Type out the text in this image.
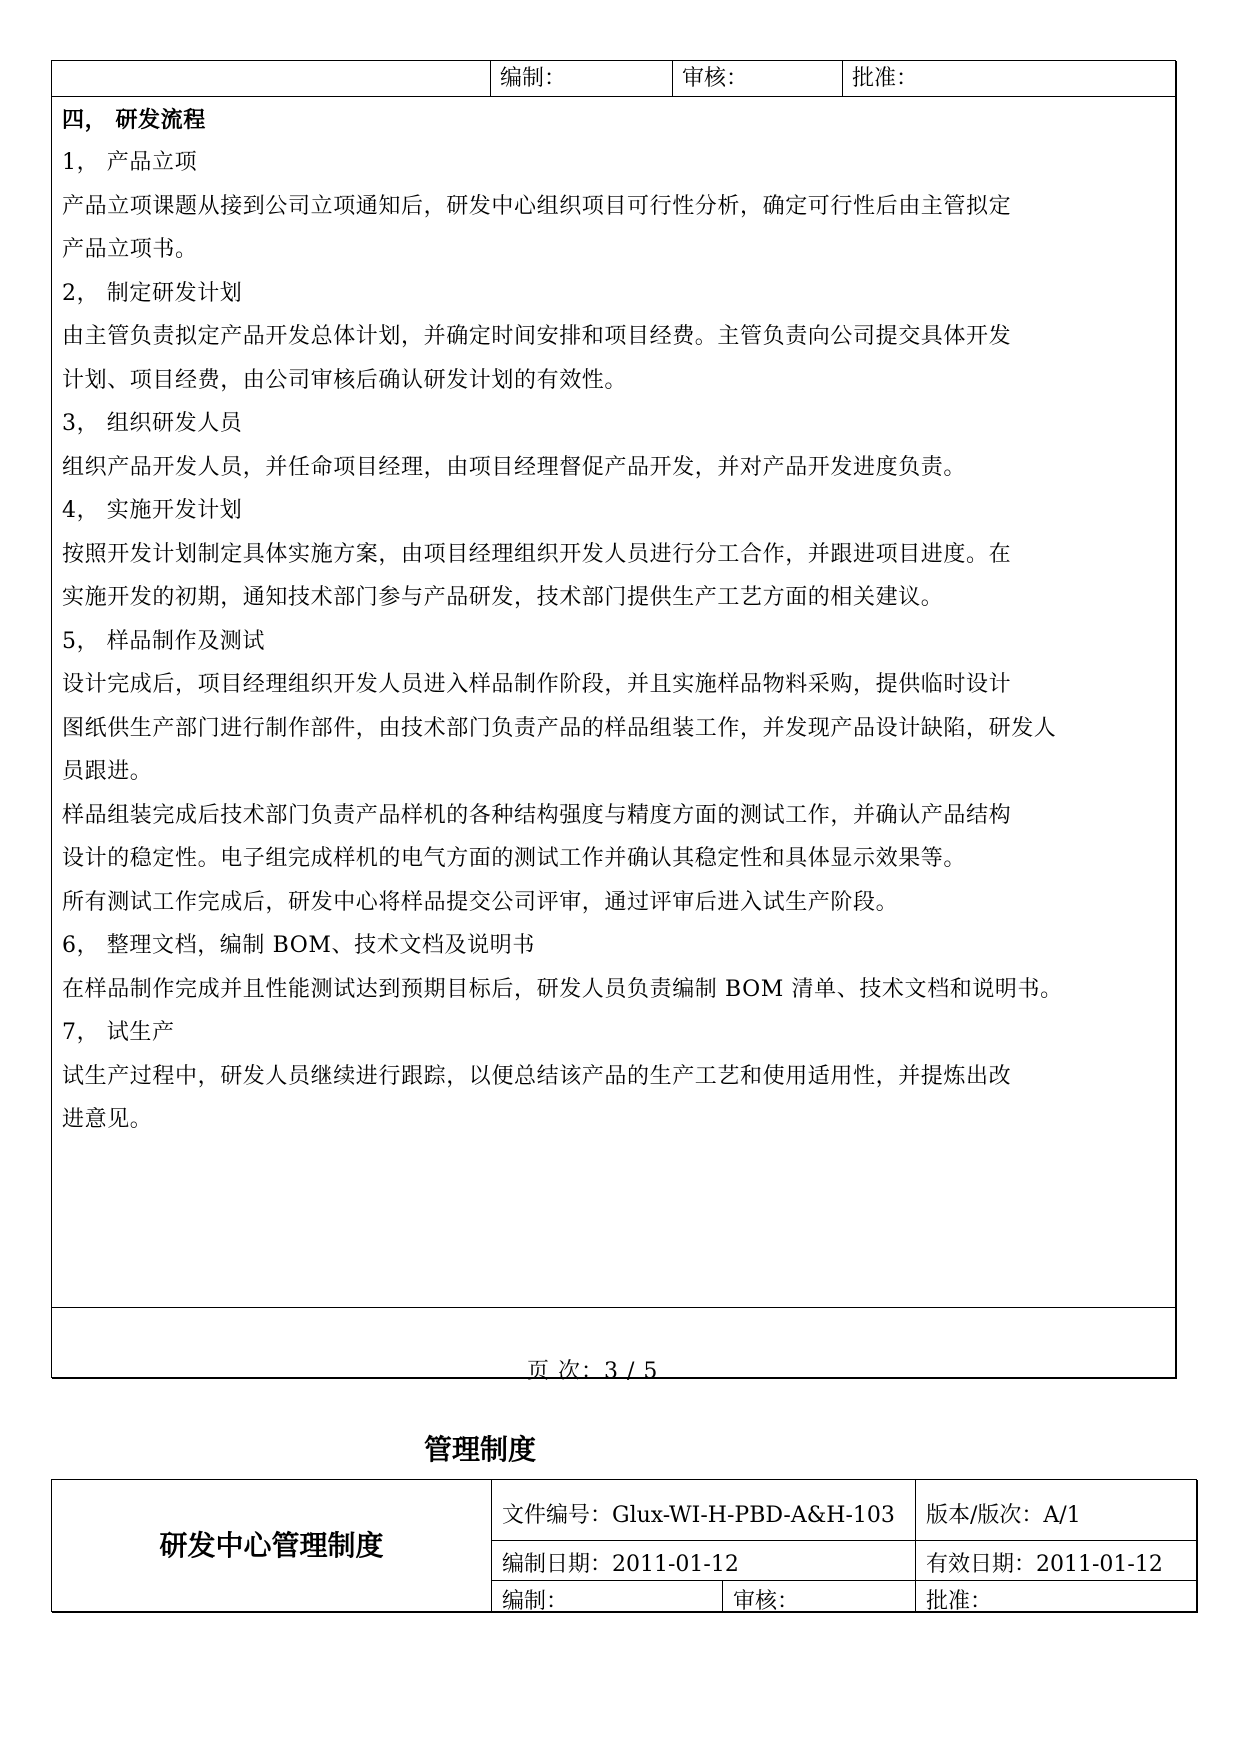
编制：	审核：	批准：
四， 研发流程
1， 产品立项
产品立项课题从接到公司立项通知后，研发中心组织项目可行性分析，确定可行性后由主管拟定
产品立项书。
2， 制定研发计划
由主管负责拟定产品开发总体计划，并确定时间安排和项目经费。主管负责向公司提交具体开发
计划、项目经费，由公司审核后确认研发计划的有效性。
3， 组织研发人员
组织产品开发人员，并任命项目经理，由项目经理督促产品开发，并对产品开发进度负责。
4， 实施开发计划
按照开发计划制定具体实施方案，由项目经理组织开发人员进行分工合作，并跟进项目进度。在
实施开发的初期，通知技术部门参与产品研发，技术部门提供生产工艺方面的相关建议。
5， 样品制作及测试
设计完成后，项目经理组织开发人员进入样品制作阶段，并且实施样品物料采购，提供临时设计
图纸供生产部门进行制作部件，由技术部门负责产品的样品组装工作，并发现产品设计缺陷，研发人
员跟进。
样品组装完成后技术部门负责产品样机的各种结构强度与精度方面的测试工作，并确认产品结构
设计的稳定性。电子组完成样机的电气方面的测试工作并确认其稳定性和具体显示效果等。
所有测试工作完成后，研发中心将样品提交公司评审，通过评审后进入试生产阶段。
6， 整理文档，编制 BOM、技术文档及说明书
在样品制作完成并且性能测试达到预期目标后，研发人员负责编制 BOM 清单、技术文档和说明书。
7， 试生产
试生产过程中，研发人员继续进行跟踪，以便总结该产品的生产工艺和使用适用性，并提炼出改
进意见。
页 次：3 / 5
管理制度
研发中心管理制度
文件编号：Glux-WI-H-PBD-A&H-103	版本/版次：A/1
编制日期：2011-01-12	有效日期：2011-01-12
编制：	审核：	批准：
